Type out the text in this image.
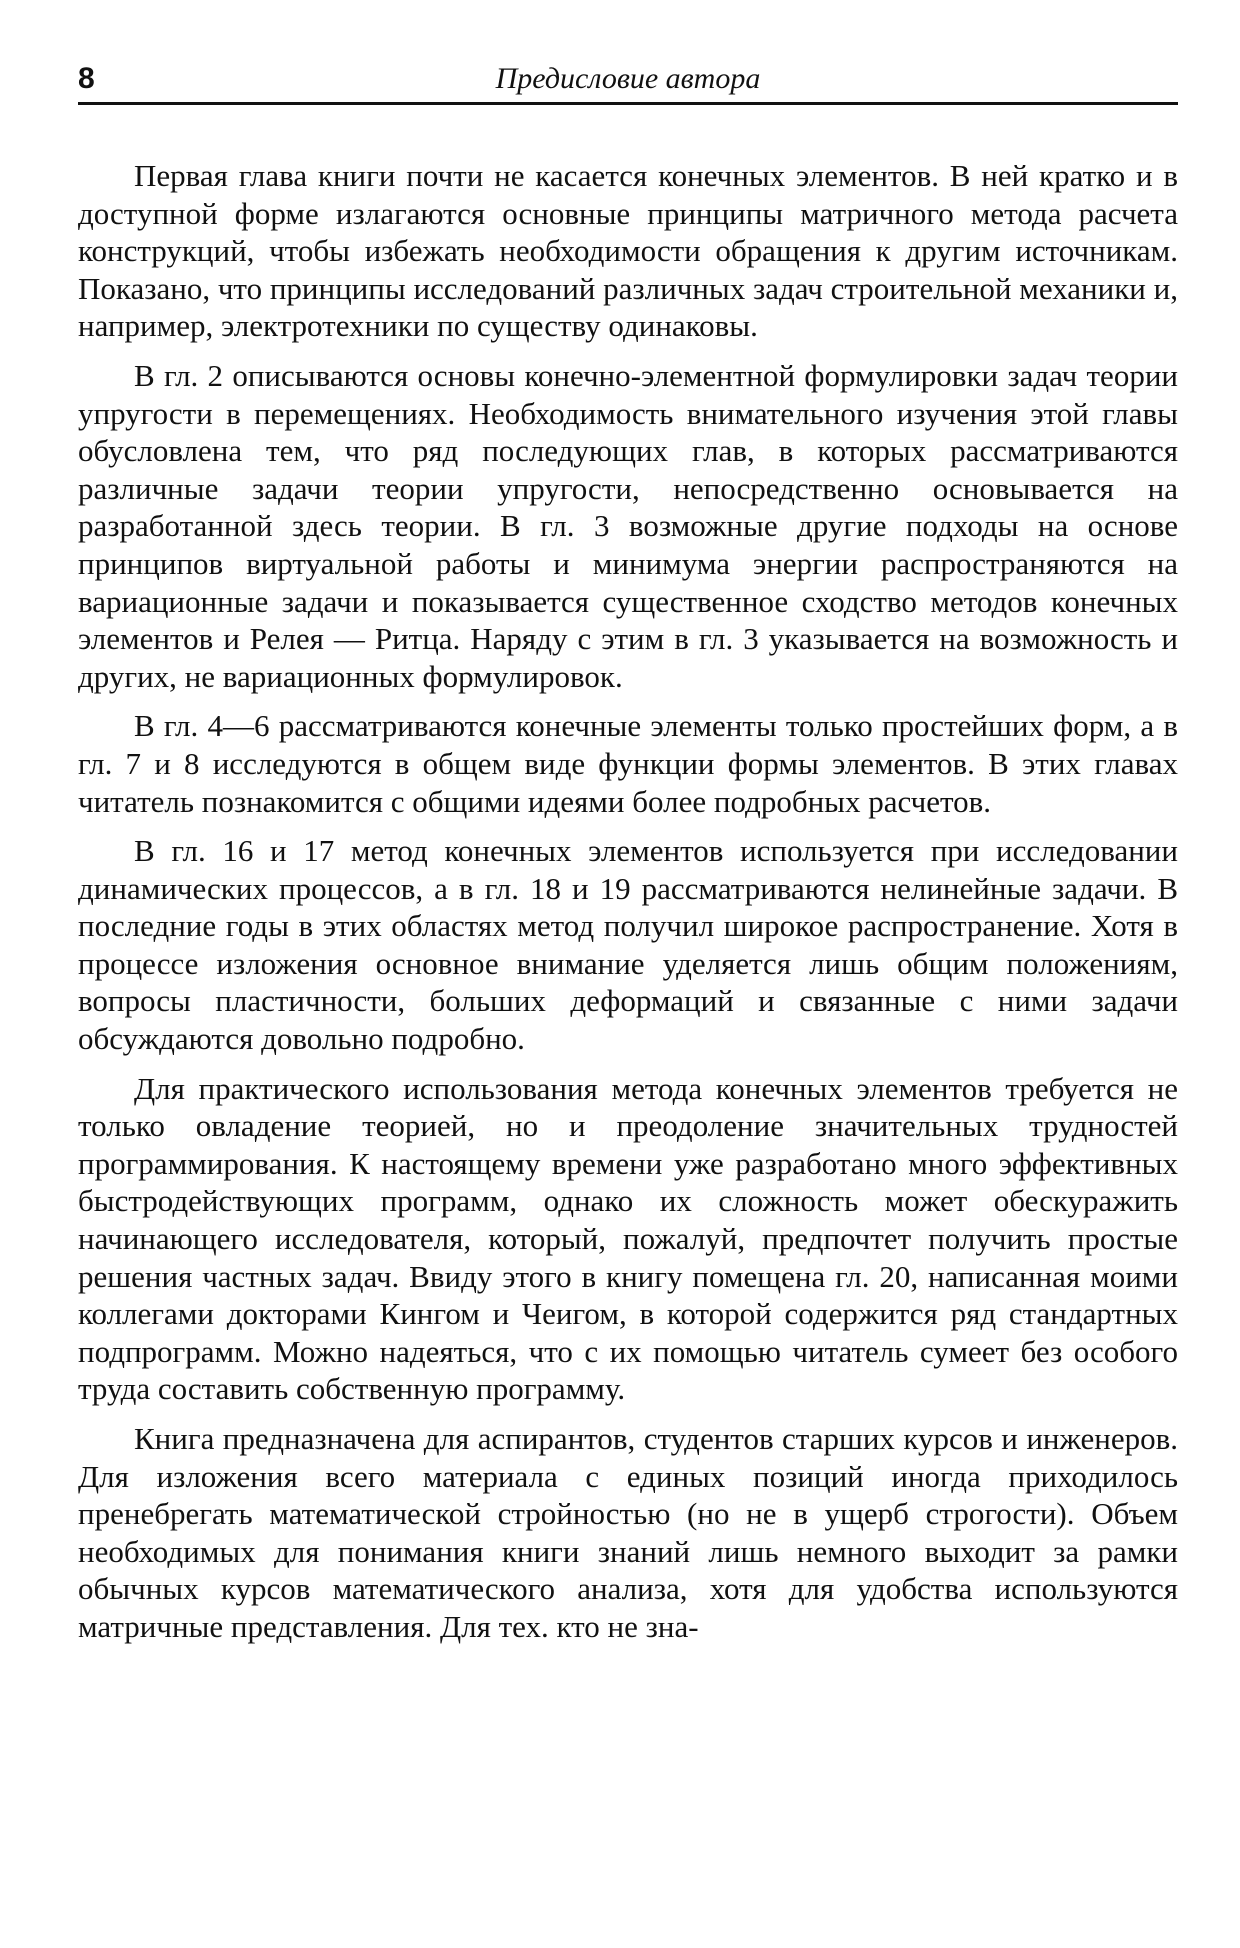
8	Предисловие автора

Первая глава книги почти не касается конечных элементов. В ней кратко и в доступной форме излагаются основные принципы матричного метода расчета конструкций, чтобы избежать необходимости обращения к другим источникам. Показано, что принципы исследований различных задач строительной механики и, например, электротехники по существу одинаковы.

В гл. 2 описываются основы конечно-элементной формулировки задач теории упругости в перемещениях. Необходимость внимательного изучения этой главы обусловлена тем, что ряд последующих глав, в которых рассматриваются различные задачи теории упругости, непосредственно основывается на разработанной здесь теории. В гл. 3 возможные другие подходы на основе принципов виртуальной работы и минимума энергии распространяются на вариационные задачи и показывается существенное сходство методов конечных элементов и Релея — Ритца. Наряду с этим в гл. 3 указывается на возможность и других, не вариационных формулировок.

В гл. 4—6 рассматриваются конечные элементы только простейших форм, а в гл. 7 и 8 исследуются в общем виде функции формы элементов. В этих главах читатель познакомится с общими идеями более подробных расчетов.

В гл. 16 и 17 метод конечных элементов используется при исследовании динамических процессов, а в гл. 18 и 19 рассматриваются нелинейные задачи. В последние годы в этих областях метод получил широкое распространение. Хотя в процессе изложения основное внимание уделяется лишь общим положениям, вопросы пластичности, больших деформаций и связанные с ними задачи обсуждаются довольно подробно.

Для практического использования метода конечных элементов требуется не только овладение теорией, но и преодоление значительных трудностей программирования. К настоящему времени уже разработано много эффективных быстродействующих программ, однако их сложность может обескуражить начинающего исследователя, который, пожалуй, предпочтет получить простые решения частных задач. Ввиду этого в книгу помещена гл. 20, написанная моими коллегами докторами Кингом и Чеигом, в которой содержится ряд стандартных подпрограмм. Можно надеяться, что с их помощью читатель сумеет без особого труда составить собственную программу.

Книга предназначена для аспирантов, студентов старших курсов и инженеров. Для изложения всего материала с единых позиций иногда приходилось пренебрегать математической стройностью (но не в ущерб строгости). Объем необходимых для понимания книги знаний лишь немного выходит за рамки обычных курсов математического анализа, хотя для удобства используются матричные представления. Для тех. кто не зна-
